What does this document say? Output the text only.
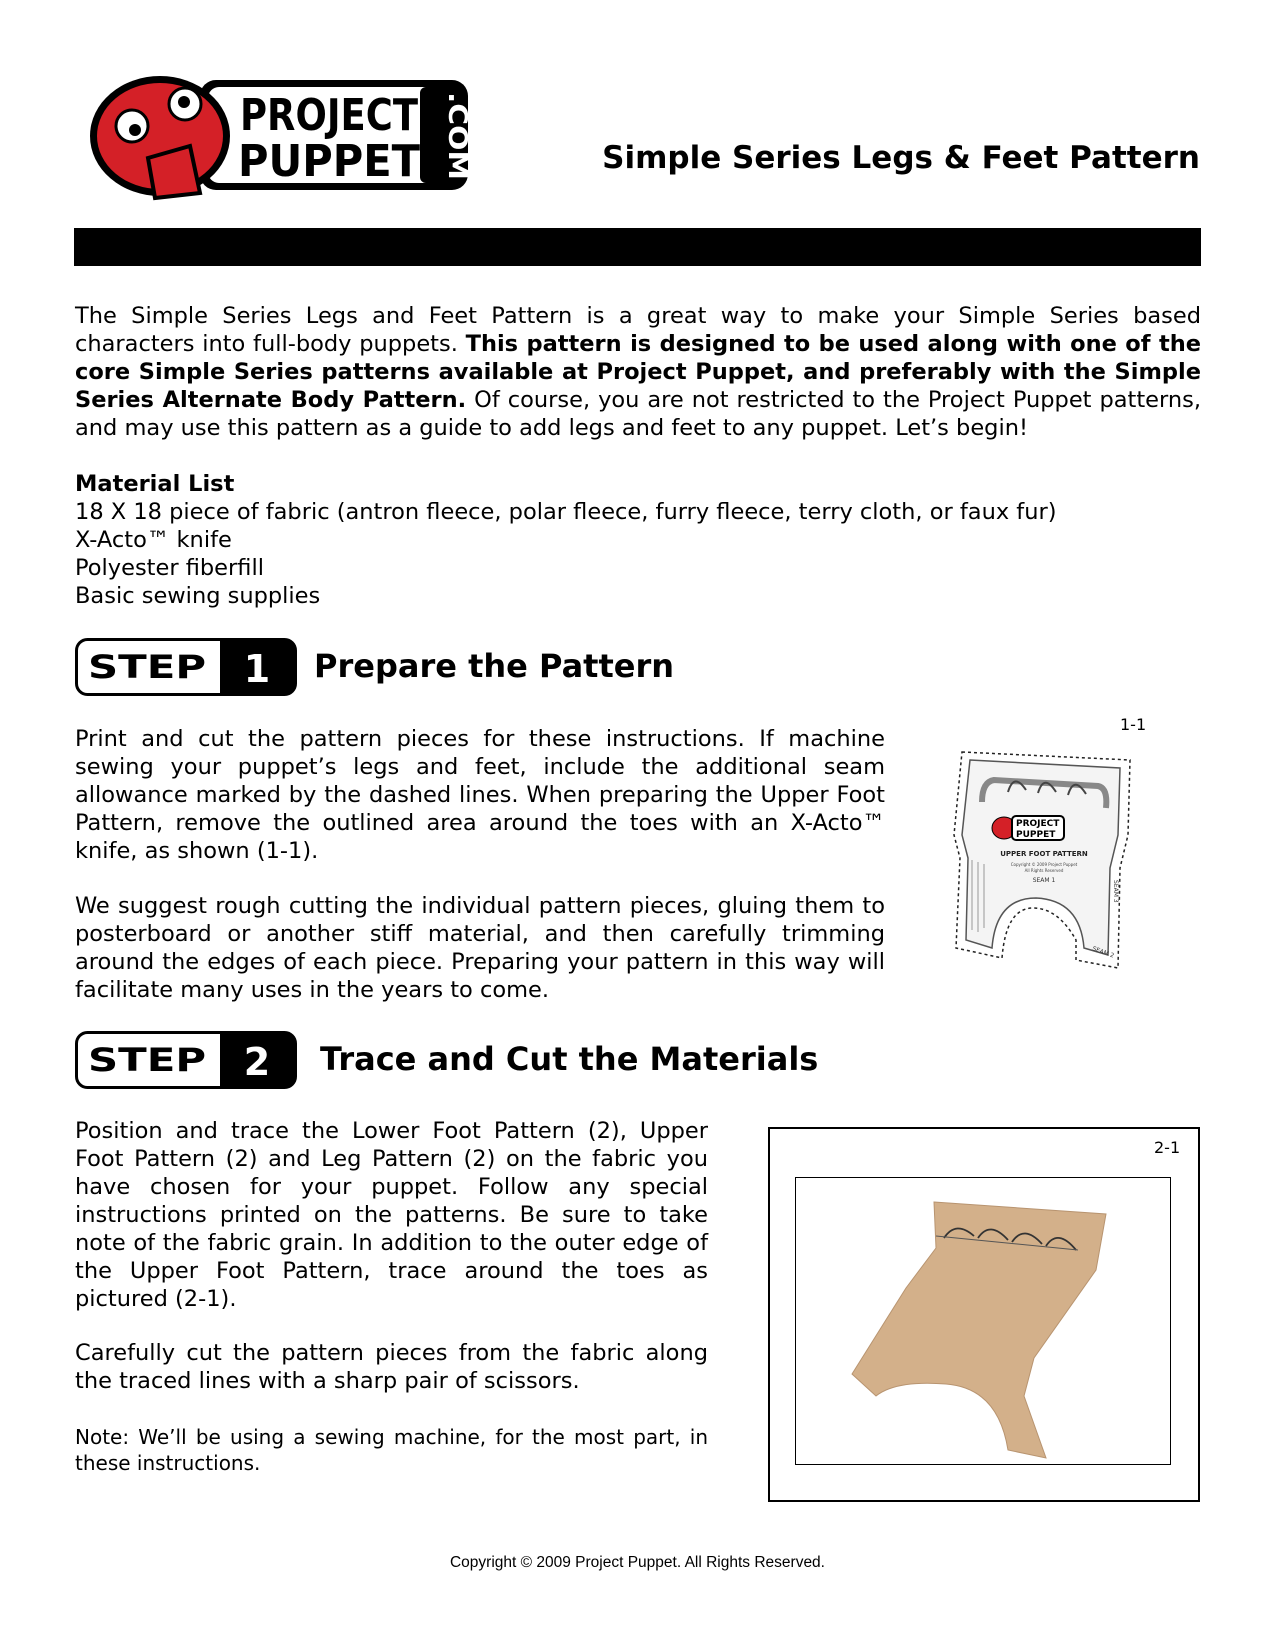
PROJECT
PUPPET .COM	Simple Series Legs & Feet Pattern
The Simple Series Legs and Feet Pattern is a great way to make your Simple Series based characters into full-body puppets. This pattern is designed to be used along with one of the core Simple Series patterns available at Project Puppet, and preferably with the Simple Series Alternate Body Pattern. Of course, you are not restricted to the Project Puppet patterns, and may use this pattern as a guide to add legs and feet to any puppet. Let’s begin!
Material List
18 X 18 piece of fabric (antron fleece, polar fleece, furry fleece, terry cloth, or faux fur)
X-Acto™ knife
Polyester fiberfill
Basic sewing supplies
STEP 1 Prepare the Pattern
Print and cut the pattern pieces for these instructions. If machine sewing your puppet’s legs and feet, include the additional seam allowance marked by the dashed lines. When preparing the Upper Foot Pattern, remove the outlined area around the toes with an X-Acto™ knife, as shown (1-1).
We suggest rough cutting the individual pattern pieces, gluing them to posterboard or another stiff material, and then carefully trimming around the edges of each piece. Preparing your pattern in this way will facilitate many uses in the years to come.
1-1
PROJECT
PUPPET
UPPER FOOT PATTERN
Copyright © 2009 Project Puppet
All Rights Reserved
SEAM 1
SEAM 2
SEAM 3
STEP 2 Trace and Cut the Materials
Position and trace the Lower Foot Pattern (2), Upper Foot Pattern (2) and Leg Pattern (2) on the fabric you have chosen for your puppet. Follow any special instructions printed on the patterns. Be sure to take note of the fabric grain. In addition to the outer edge of the Upper Foot Pattern, trace around the toes as pictured (2-1).
Carefully cut the pattern pieces from the fabric along the traced lines with a sharp pair of scissors.
Note: We’ll be using a sewing machine, for the most part, in these instructions.
2-1
Copyright © 2009 Project Puppet. All Rights Reserved.
